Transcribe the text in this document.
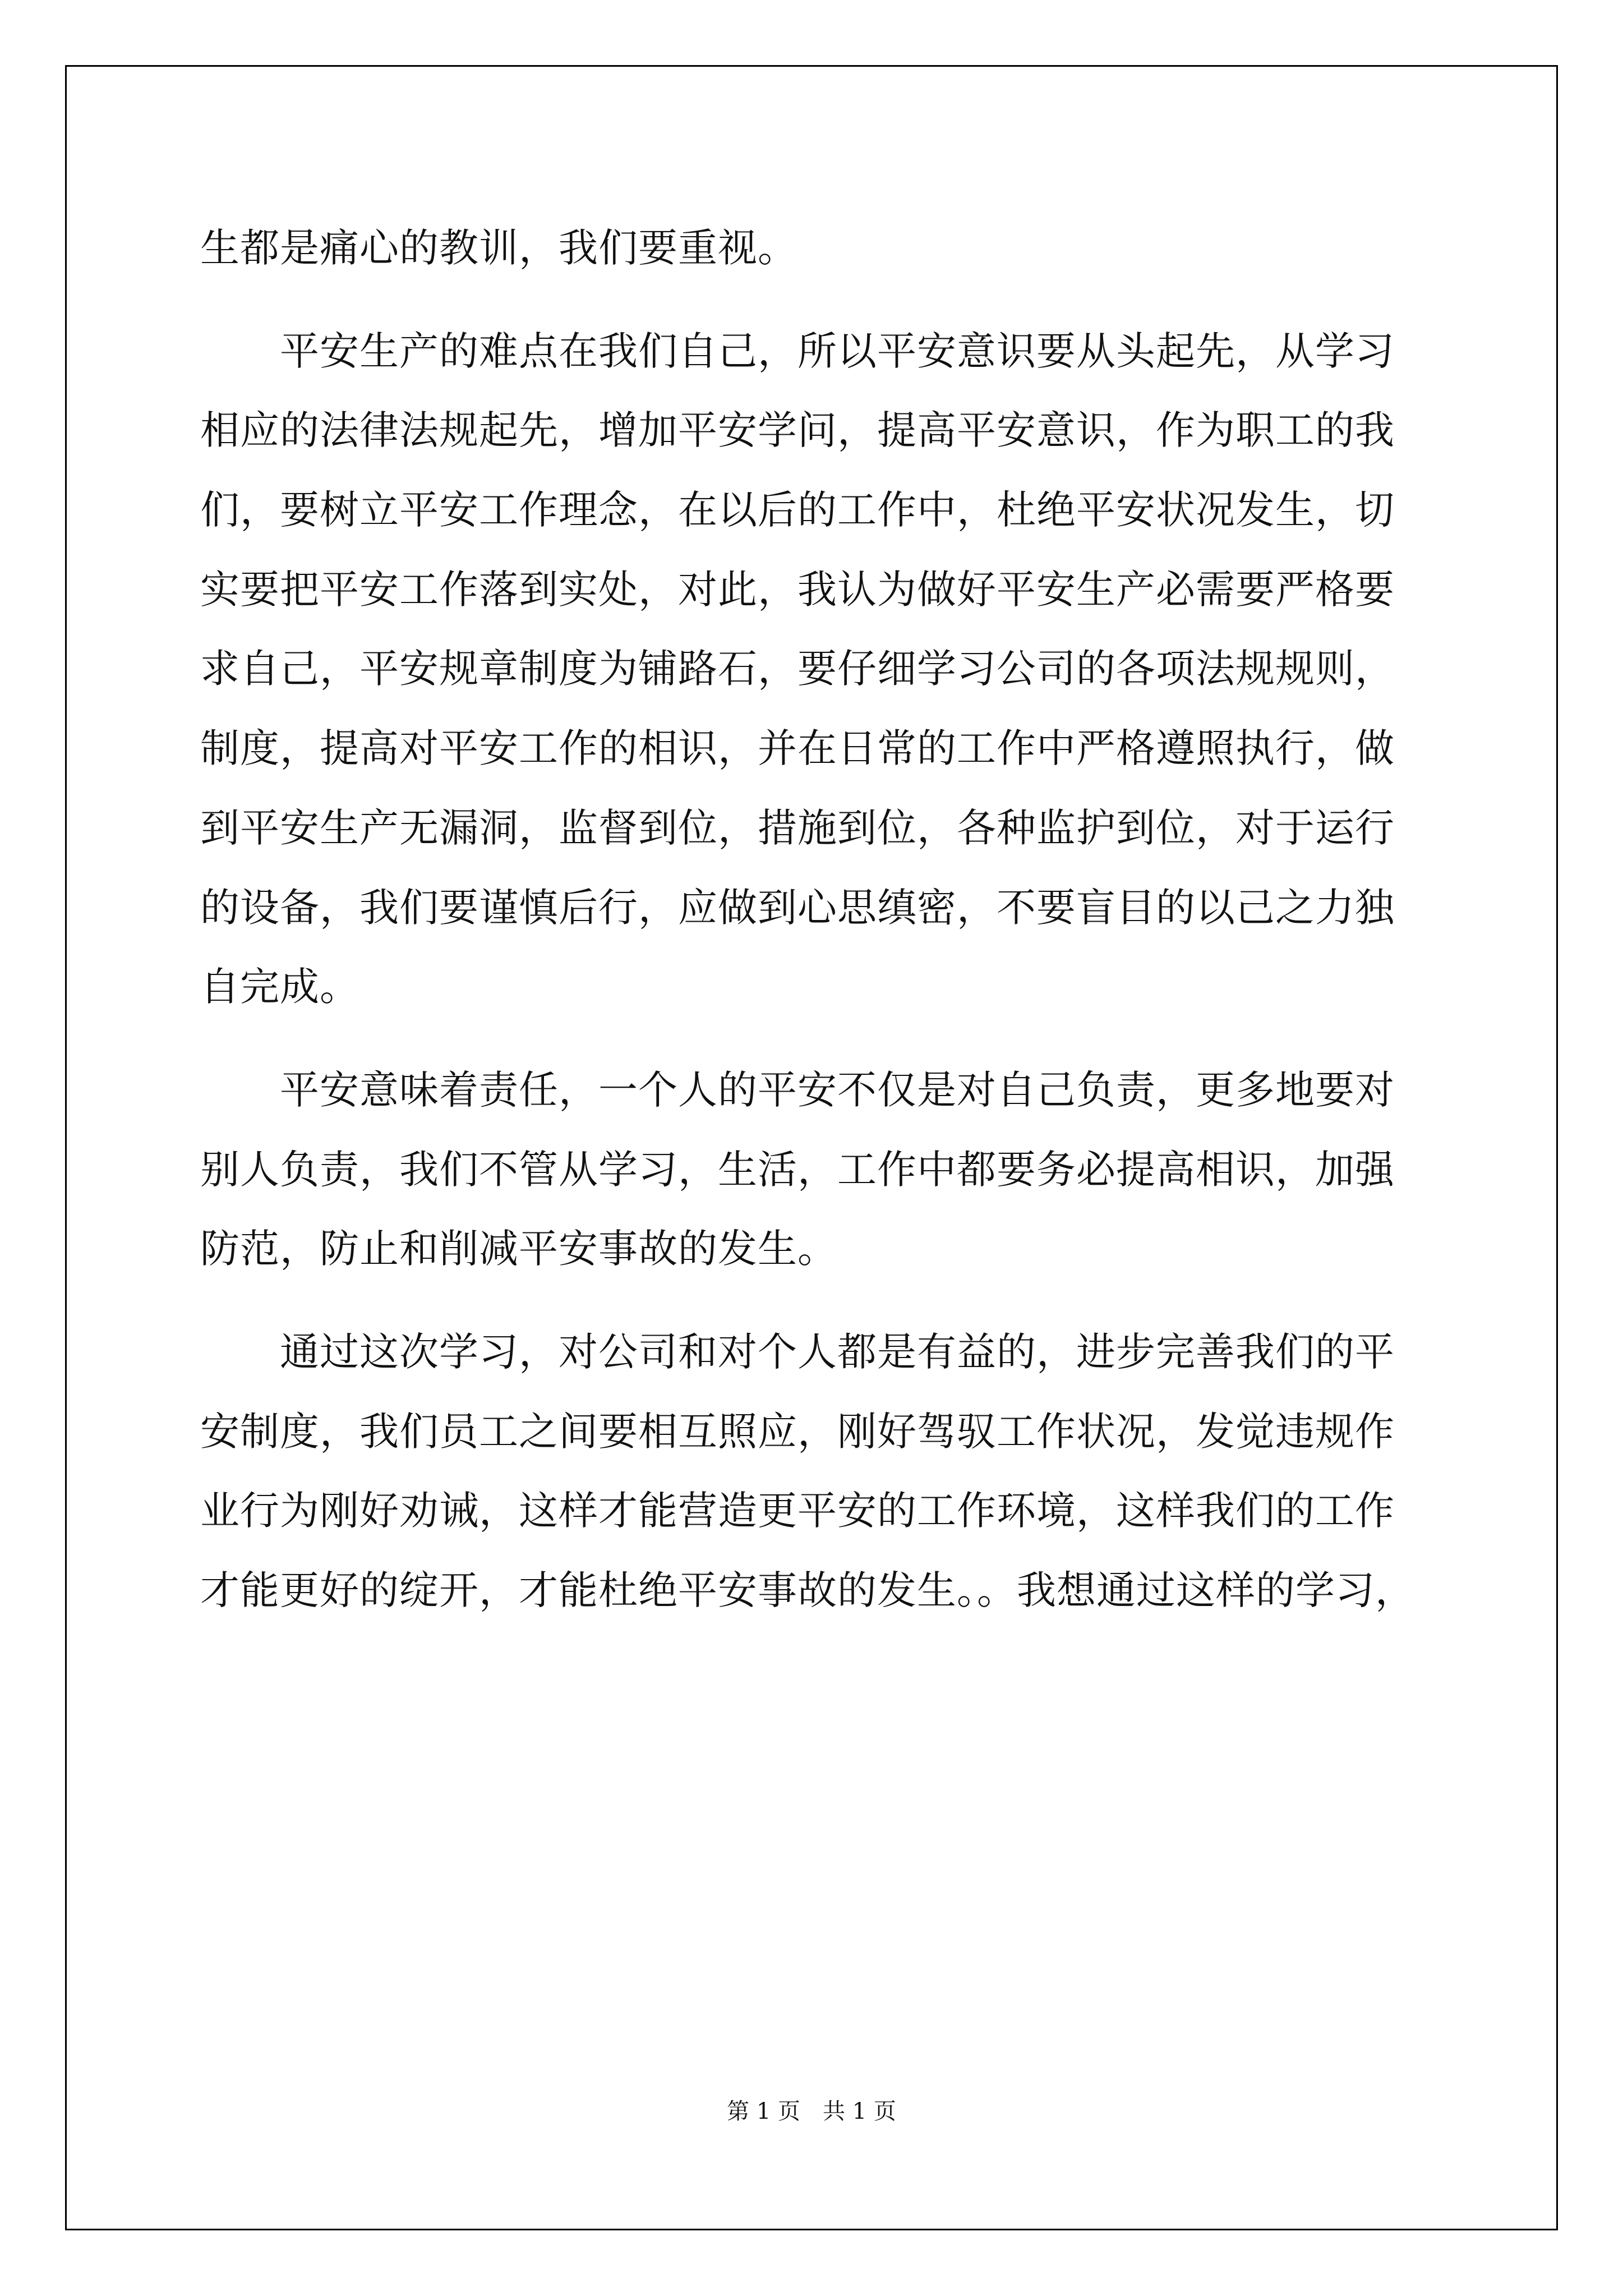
生都是痛心的教训，我们要重视。
平安生产的难点在我们自己，所以平安意识要从头起先，从学习
相应的法律法规起先，增加平安学问，提高平安意识，作为职工的我
们，要树立平安工作理念，在以后的工作中，杜绝平安状况发生，切
实要把平安工作落到实处，对此，我认为做好平安生产必需要严格要
求自己，平安规章制度为铺路石，要仔细学习公司的各项法规规则，
制度，提高对平安工作的相识，并在日常的工作中严格遵照执行，做
到平安生产无漏洞，监督到位，措施到位，各种监护到位，对于运行
的设备，我们要谨慎后行，应做到心思缜密，不要盲目的以己之力独
自完成。
平安意味着责任，一个人的平安不仅是对自己负责，更多地要对
别人负责，我们不管从学习，生活，工作中都要务必提高相识，加强
防范，防止和削减平安事故的发生。
通过这次学习，对公司和对个人都是有益的，进步完善我们的平
安制度，我们员工之间要相互照应，刚好驾驭工作状况，发觉违规作
业行为刚好劝诫，这样才能营造更平安的工作环境，这样我们的工作
才能更好的绽开，才能杜绝平安事故的发生。。我想通过这样的学习，
第 1 页　共 1 页
